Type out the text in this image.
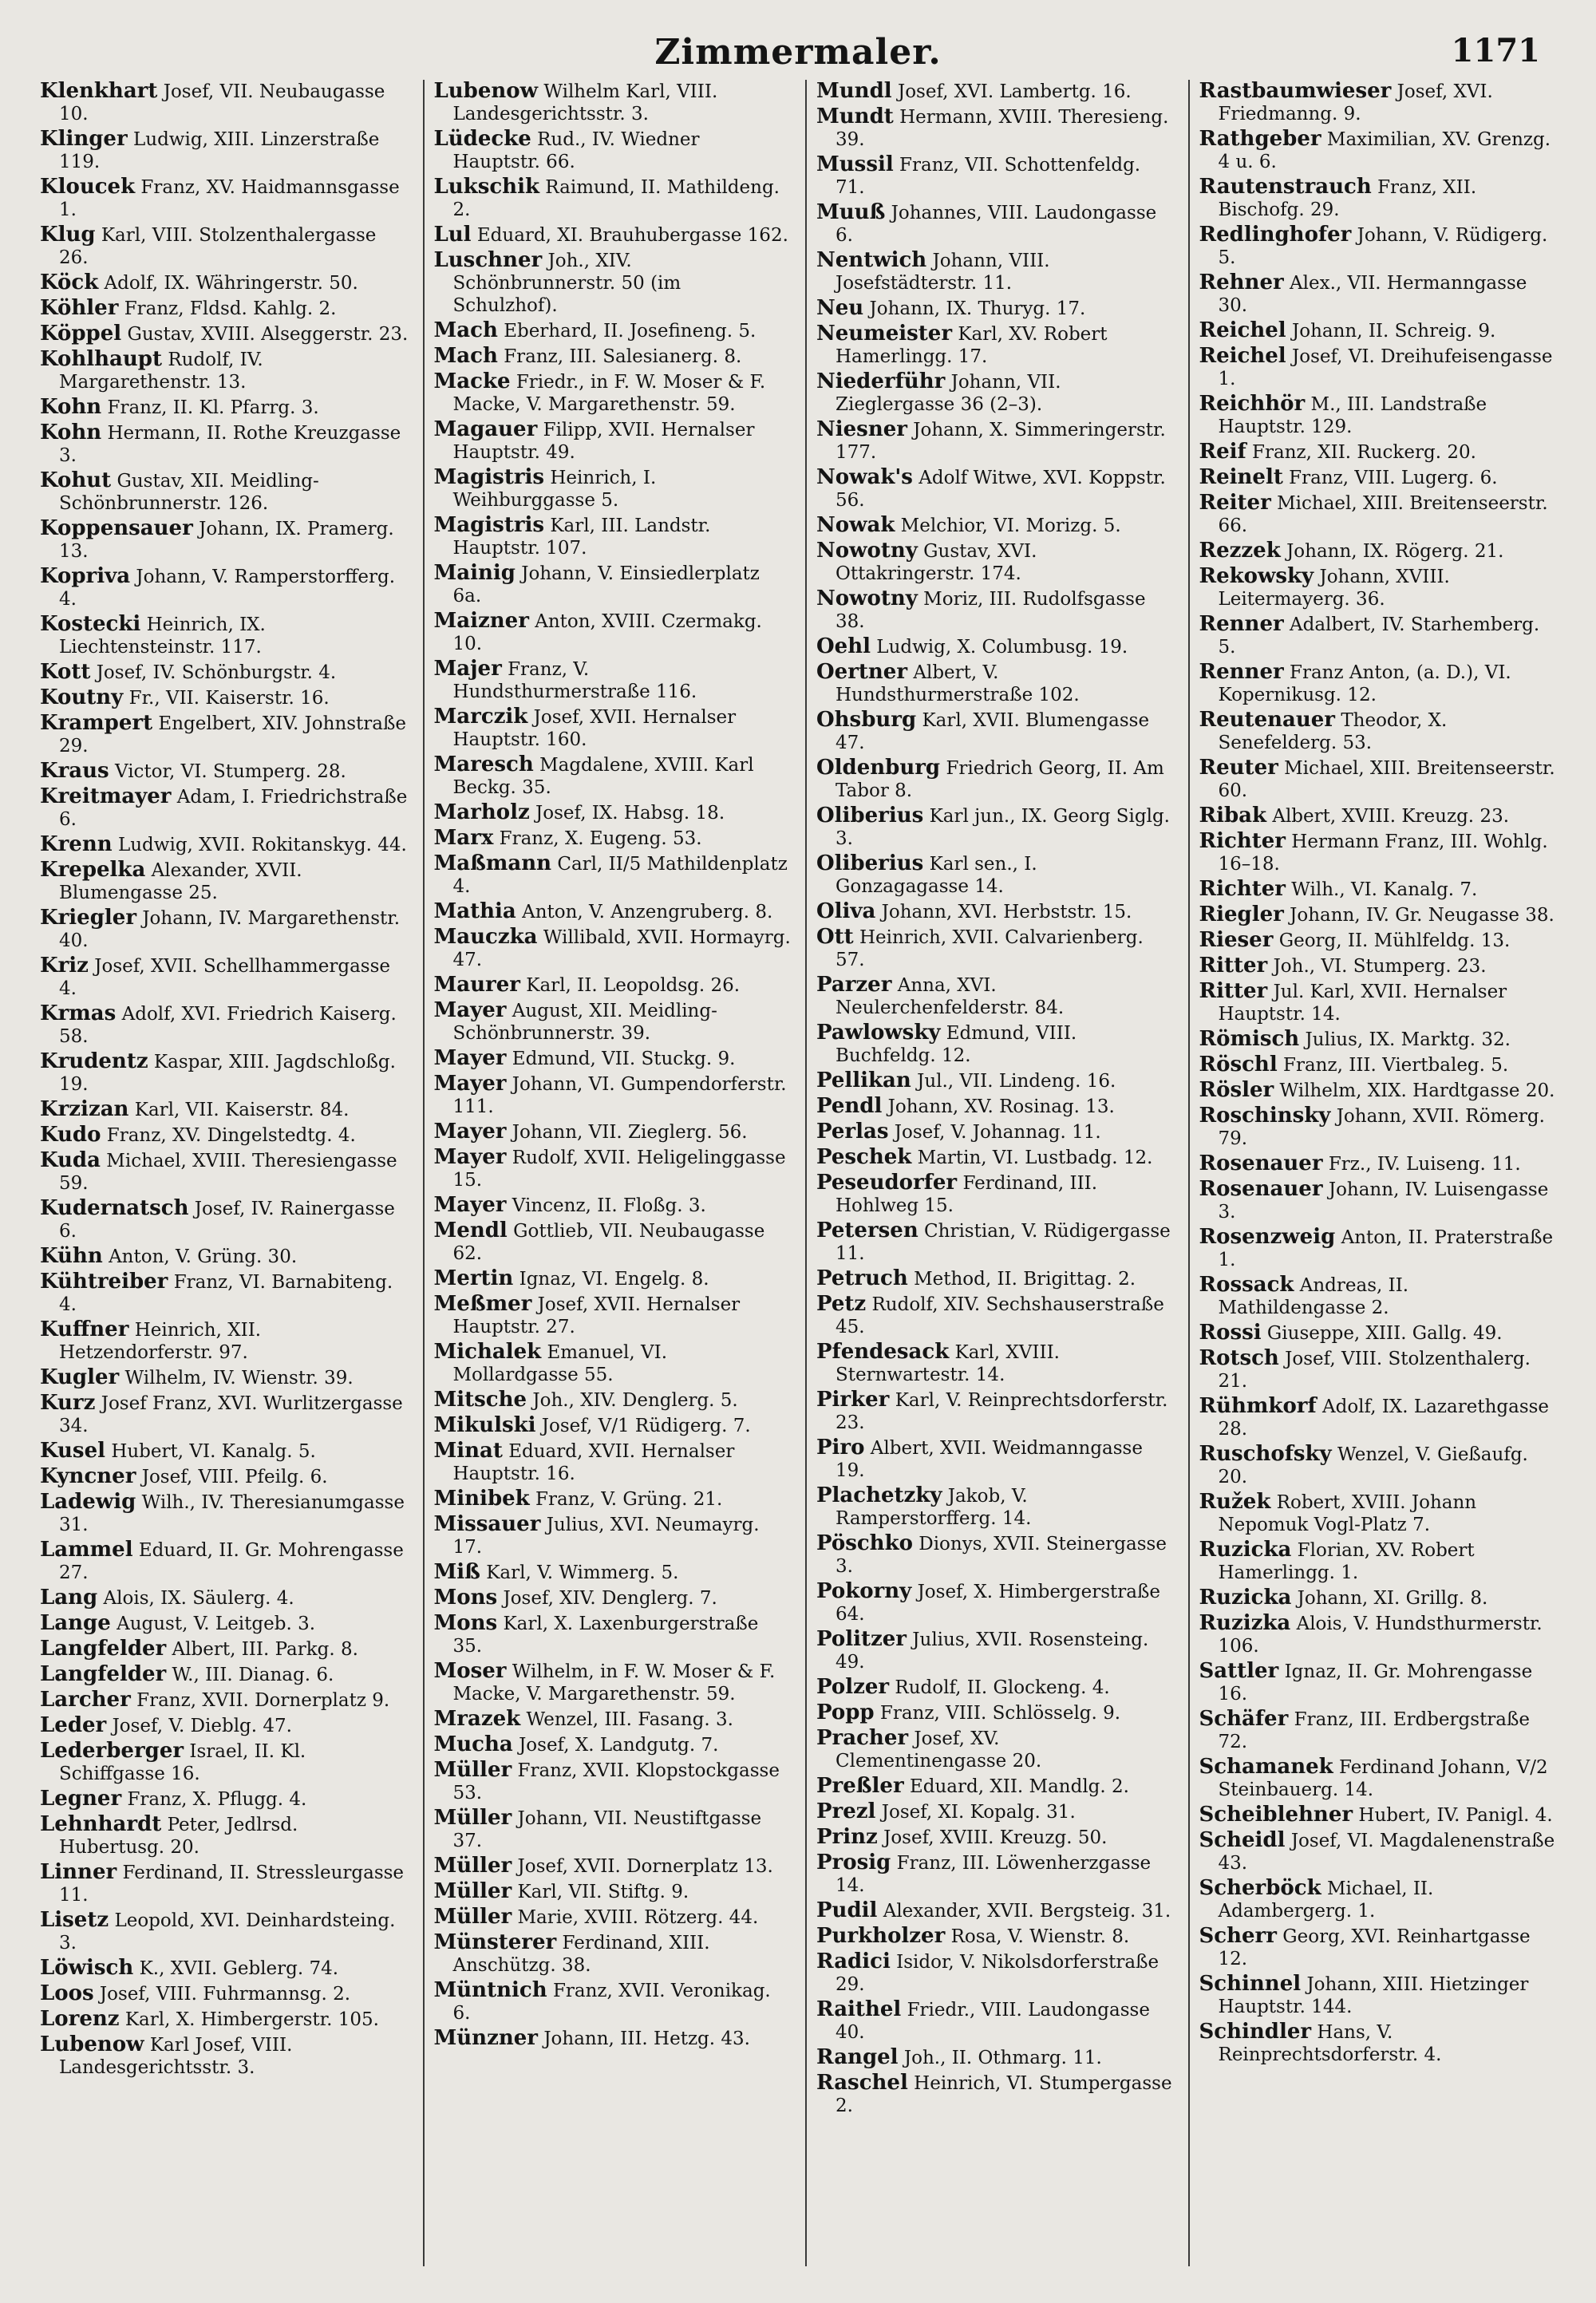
Zimmermaler.	1171
Klenkhart Josef, VII. Neubaugasse 10.
Klinger Ludwig, XIII. Linzerstraße 119.
Kloucek Franz, XV. Haidmannsgasse 1.
Klug Karl, VIII. Stolzenthalergasse 26.
Köck Adolf, IX. Währingerstr. 50.
Köhler Franz, Fldsd. Kahlg. 2.
Köppel Gustav, XVIII. Alseggerstr. 23.
Kohlhaupt Rudolf, IV. Margarethenstr. 13.
Kohn Franz, II. Kl. Pfarrg. 3.
Kohn Hermann, II. Rothe Kreuzgasse 3.
Kohut Gustav, XII. Meidling-Schönbrunnerstr. 126.
Koppensauer Johann, IX. Pramerg. 13.
Kopriva Johann, V. Ramperstorfferg. 4.
Kostecki Heinrich, IX. Liechtensteinstr. 117.
Kott Josef, IV. Schönburgstr. 4.
Koutny Fr., VII. Kaiserstr. 16.
Krampert Engelbert, XIV. Johnstraße 29.
Kraus Victor, VI. Stumperg. 28.
Kreitmayer Adam, I. Friedrichstraße 6.
Krenn Ludwig, XVII. Rokitanskyg. 44.
Krepelka Alexander, XVII. Blumengasse 25.
Kriegler Johann, IV. Margarethenstr. 40.
Kriz Josef, XVII. Schellhammergasse 4.
Krmas Adolf, XVI. Friedrich Kaiserg. 58.
Krudentz Kaspar, XIII. Jagdschloßg. 19.
Krzizan Karl, VII. Kaiserstr. 84.
Kudo Franz, XV. Dingelstedtg. 4.
Kuda Michael, XVIII. Theresiengasse 59.
Kudernatsch Josef, IV. Rainergasse 6.
Kühn Anton, V. Grüng. 30.
Kühtreiber Franz, VI. Barnabiteng. 4.
Kuffner Heinrich, XII. Hetzendorferstr. 97.
Kugler Wilhelm, IV. Wienstr. 39.
Kurz Josef Franz, XVI. Wurlitzergasse 34.
Kusel Hubert, VI. Kanalg. 5.
Kyncner Josef, VIII. Pfeilg. 6.
Ladewig Wilh., IV. Theresianumgasse 31.
Lammel Eduard, II. Gr. Mohrengasse 27.
Lang Alois, IX. Säulerg. 4.
Lange August, V. Leitgeb. 3.
Langfelder Albert, III. Parkg. 8.
Langfelder W., III. Dianag. 6.
Larcher Franz, XVII. Dornerplatz 9.
Leder Josef, V. Dieblg. 47.
Lederberger Israel, II. Kl. Schiffgasse 16.
Legner Franz, X. Pflugg. 4.
Lehnhardt Peter, Jedlrsd. Hubertusg. 20.
Linner Ferdinand, II. Stressleurgasse 11.
Lisetz Leopold, XVI. Deinhardsteing. 3.
Löwisch K., XVII. Geblerg. 74.
Loos Josef, VIII. Fuhrmannsg. 2.
Lorenz Karl, X. Himbergerstr. 105.
Lubenow Karl Josef, VIII. Landesgerichtsstr. 3.
Lubenow Wilhelm Karl, VIII. Landesgerichtsstr. 3.
Lüdecke Rud., IV. Wiedner Hauptstr. 66.
Lukschik Raimund, II. Mathildeng. 2.
Lul Eduard, XI. Brauhubergasse 162.
Luschner Joh., XIV. Schönbrunnerstr. 50 (im Schulzhof).
Mach Eberhard, II. Josefineng. 5.
Mach Franz, III. Salesianerg. 8.
Macke Friedr., in F. W. Moser & F. Macke, V. Margarethenstr. 59.
Magauer Filipp, XVII. Hernalser Hauptstr. 49.
Magistris Heinrich, I. Weihburggasse 5.
Magistris Karl, III. Landstr. Hauptstr. 107.
Mainig Johann, V. Einsiedlerplatz 6a.
Maizner Anton, XVIII. Czermakg. 10.
Majer Franz, V. Hundsthurmerstraße 116.
Marczik Josef, XVII. Hernalser Hauptstr. 160.
Maresch Magdalene, XVIII. Karl Beckg. 35.
Marholz Josef, IX. Habsg. 18.
Marx Franz, X. Eugeng. 53.
Maßmann Carl, II/5 Mathildenplatz 4.
Mathia Anton, V. Anzengruberg. 8.
Mauczka Willibald, XVII. Hormayrg. 47.
Maurer Karl, II. Leopoldsg. 26.
Mayer August, XII. Meidling-Schönbrunnerstr. 39.
Mayer Edmund, VII. Stuckg. 9.
Mayer Johann, VI. Gumpendorferstr. 111.
Mayer Johann, VII. Zieglerg. 56.
Mayer Rudolf, XVII. Heligelinggasse 15.
Mayer Vincenz, II. Floßg. 3.
Mendl Gottlieb, VII. Neubaugasse 62.
Mertin Ignaz, VI. Engelg. 8.
Meßmer Josef, XVII. Hernalser Hauptstr. 27.
Michalek Emanuel, VI. Mollardgasse 55.
Mitsche Joh., XIV. Denglerg. 5.
Mikulski Josef, V/1 Rüdigerg. 7.
Minat Eduard, XVII. Hernalser Hauptstr. 16.
Minibek Franz, V. Grüng. 21.
Missauer Julius, XVI. Neumayrg. 17.
Miß Karl, V. Wimmerg. 5.
Mons Josef, XIV. Denglerg. 7.
Mons Karl, X. Laxenburgerstraße 35.
Moser Wilhelm, in F. W. Moser & F. Macke, V. Margarethenstr. 59.
Mrazek Wenzel, III. Fasang. 3.
Mucha Josef, X. Landgutg. 7.
Müller Franz, XVII. Klopstockgasse 53.
Müller Johann, VII. Neustiftgasse 37.
Müller Josef, XVII. Dornerplatz 13.
Müller Karl, VII. Stiftg. 9.
Müller Marie, XVIII. Rötzerg. 44.
Münsterer Ferdinand, XIII. Anschützg. 38.
Müntnich Franz, XVII. Veronikag. 6.
Münzner Johann, III. Hetzg. 43.
Mundl Josef, XVI. Lambertg. 16.
Mundt Hermann, XVIII. Theresieng. 39.
Mussil Franz, VII. Schottenfeldg. 71.
Muuß Johannes, VIII. Laudongasse 6.
Nentwich Johann, VIII. Josefstädterstr. 11.
Neu Johann, IX. Thuryg. 17.
Neumeister Karl, XV. Robert Hamerlingg. 17.
Niederführ Johann, VII. Zieglergasse 36 (2–3).
Niesner Johann, X. Simmeringerstr. 177.
Nowak's Adolf Witwe, XVI. Koppstr. 56.
Nowak Melchior, VI. Morizg. 5.
Nowotny Gustav, XVI. Ottakringerstr. 174.
Nowotny Moriz, III. Rudolfsgasse 38.
Oehl Ludwig, X. Columbusg. 19.
Oertner Albert, V. Hundsthurmerstraße 102.
Ohsburg Karl, XVII. Blumengasse 47.
Oldenburg Friedrich Georg, II. Am Tabor 8.
Oliberius Karl jun., IX. Georg Siglg. 3.
Oliberius Karl sen., I. Gonzagagasse 14.
Oliva Johann, XVI. Herbststr. 15.
Ott Heinrich, XVII. Calvarienberg. 57.
Parzer Anna, XVI. Neulerchenfelderstr. 84.
Pawlowsky Edmund, VIII. Buchfeldg. 12.
Pellikan Jul., VII. Lindeng. 16.
Pendl Johann, XV. Rosinag. 13.
Perlas Josef, V. Johannag. 11.
Peschek Martin, VI. Lustbadg. 12.
Peseudorfer Ferdinand, III. Hohlweg 15.
Petersen Christian, V. Rüdigergasse 11.
Petruch Method, II. Brigittag. 2.
Petz Rudolf, XIV. Sechshauserstraße 45.
Pfendesack Karl, XVIII. Sternwartestr. 14.
Pirker Karl, V. Reinprechtsdorferstr. 23.
Piro Albert, XVII. Weidmanngasse 19.
Plachetzky Jakob, V. Ramperstorfferg. 14.
Pöschko Dionys, XVII. Steinergasse 3.
Pokorny Josef, X. Himbergerstraße 64.
Politzer Julius, XVII. Rosensteing. 49.
Polzer Rudolf, II. Glockeng. 4.
Popp Franz, VIII. Schlösselg. 9.
Pracher Josef, XV. Clementinengasse 20.
Preßler Eduard, XII. Mandlg. 2.
Prezl Josef, XI. Kopalg. 31.
Prinz Josef, XVIII. Kreuzg. 50.
Prosig Franz, III. Löwenherzgasse 14.
Pudil Alexander, XVII. Bergsteig. 31.
Purkholzer Rosa, V. Wienstr. 8.
Radici Isidor, V. Nikolsdorferstraße 29.
Raithel Friedr., VIII. Laudongasse 40.
Rangel Joh., II. Othmarg. 11.
Raschel Heinrich, VI. Stumpergasse 2.
Rastbaumwieser Josef, XVI. Friedmanng. 9.
Rathgeber Maximilian, XV. Grenzg. 4 u. 6.
Rautenstrauch Franz, XII. Bischofg. 29.
Redlinghofer Johann, V. Rüdigerg. 5.
Rehner Alex., VII. Hermanngasse 30.
Reichel Johann, II. Schreig. 9.
Reichel Josef, VI. Dreihufeisengasse 1.
Reichhör M., III. Landstraße Hauptstr. 129.
Reif Franz, XII. Ruckerg. 20.
Reinelt Franz, VIII. Lugerg. 6.
Reiter Michael, XIII. Breitenseerstr. 66.
Rezzek Johann, IX. Rögerg. 21.
Rekowsky Johann, XVIII. Leitermayerg. 36.
Renner Adalbert, IV. Starhemberg. 5.
Renner Franz Anton, (a. D.), VI. Kopernikusg. 12.
Reutenauer Theodor, X. Senefelderg. 53.
Reuter Michael, XIII. Breitenseerstr. 60.
Ribak Albert, XVIII. Kreuzg. 23.
Richter Hermann Franz, III. Wohlg. 16–18.
Richter Wilh., VI. Kanalg. 7.
Riegler Johann, IV. Gr. Neugasse 38.
Rieser Georg, II. Mühlfeldg. 13.
Ritter Joh., VI. Stumperg. 23.
Ritter Jul. Karl, XVII. Hernalser Hauptstr. 14.
Römisch Julius, IX. Marktg. 32.
Röschl Franz, III. Viertbaleg. 5.
Rösler Wilhelm, XIX. Hardtgasse 20.
Roschinsky Johann, XVII. Römerg. 79.
Rosenauer Frz., IV. Luiseng. 11.
Rosenauer Johann, IV. Luisengasse 3.
Rosenzweig Anton, II. Praterstraße 1.
Rossack Andreas, II. Mathildengasse 2.
Rossi Giuseppe, XIII. Gallg. 49.
Rotsch Josef, VIII. Stolzenthalerg. 21.
Rühmkorf Adolf, IX. Lazarethgasse 28.
Ruschofsky Wenzel, V. Gießaufg. 20.
Ružek Robert, XVIII. Johann Nepomuk Vogl-Platz 7.
Ruzicka Florian, XV. Robert Hamerlingg. 1.
Ruzicka Johann, XI. Grillg. 8.
Ruzizka Alois, V. Hundsthurmerstr. 106.
Sattler Ignaz, II. Gr. Mohrengasse 16.
Schäfer Franz, III. Erdbergstraße 72.
Schamanek Ferdinand Johann, V/2 Steinbauerg. 14.
Scheiblehner Hubert, IV. Panigl. 4.
Scheidl Josef, VI. Magdalenenstraße 43.
Scherböck Michael, II. Adambergerg. 1.
Scherr Georg, XVI. Reinhartgasse 12.
Schinnel Johann, XIII. Hietzinger Hauptstr. 144.
Schindler Hans, V. Reinprechtsdorferstr. 4.
